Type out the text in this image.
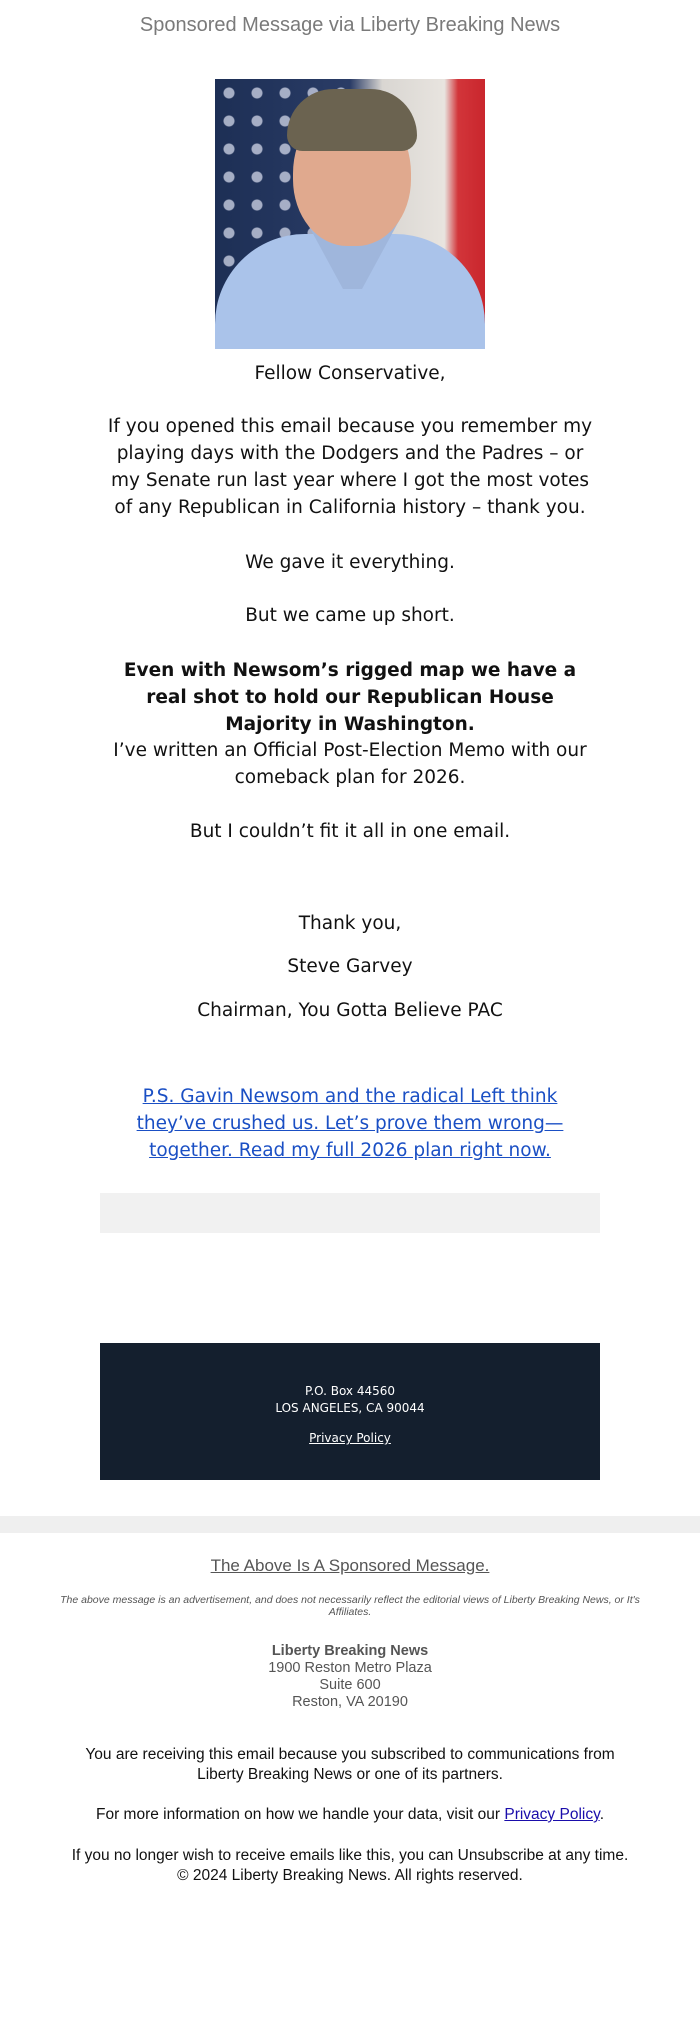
Sponsored Message via Liberty Breaking News
Fellow Conservative,
If you opened this email because you remember my playing days with the Dodgers and the Padres – or my Senate run last year where I got the most votes of any Republican in California history – thank you.
We gave it everything.
But we came up short.
Even with Newsom’s rigged map we have a real shot to hold our Republican House Majority in Washington.
I’ve written an Official Post-Election Memo with our comeback plan for 2026.
But I couldn’t fit it all in one email.
Thank you,
Steve Garvey
Chairman, You Gotta Believe PAC
P.S. Gavin Newsom and the radical Left think they’ve crushed us. Let’s prove them wrong—together. Read my full 2026 plan right now.
P.O. Box 44560
LOS ANGELES, CA 90044
Privacy Policy
The Above Is A Sponsored Message.
The above message is an advertisement, and does not necessarily reflect the editorial views of Liberty Breaking News, or It's Affiliates.
Liberty Breaking News
1900 Reston Metro Plaza
Suite 600
Reston, VA 20190
You are receiving this email because you subscribed to communications from Liberty Breaking News or one of its partners.
For more information on how we handle your data, visit our Privacy Policy.
If you no longer wish to receive emails like this, you can Unsubscribe at any time.
© 2024 Liberty Breaking News. All rights reserved.
